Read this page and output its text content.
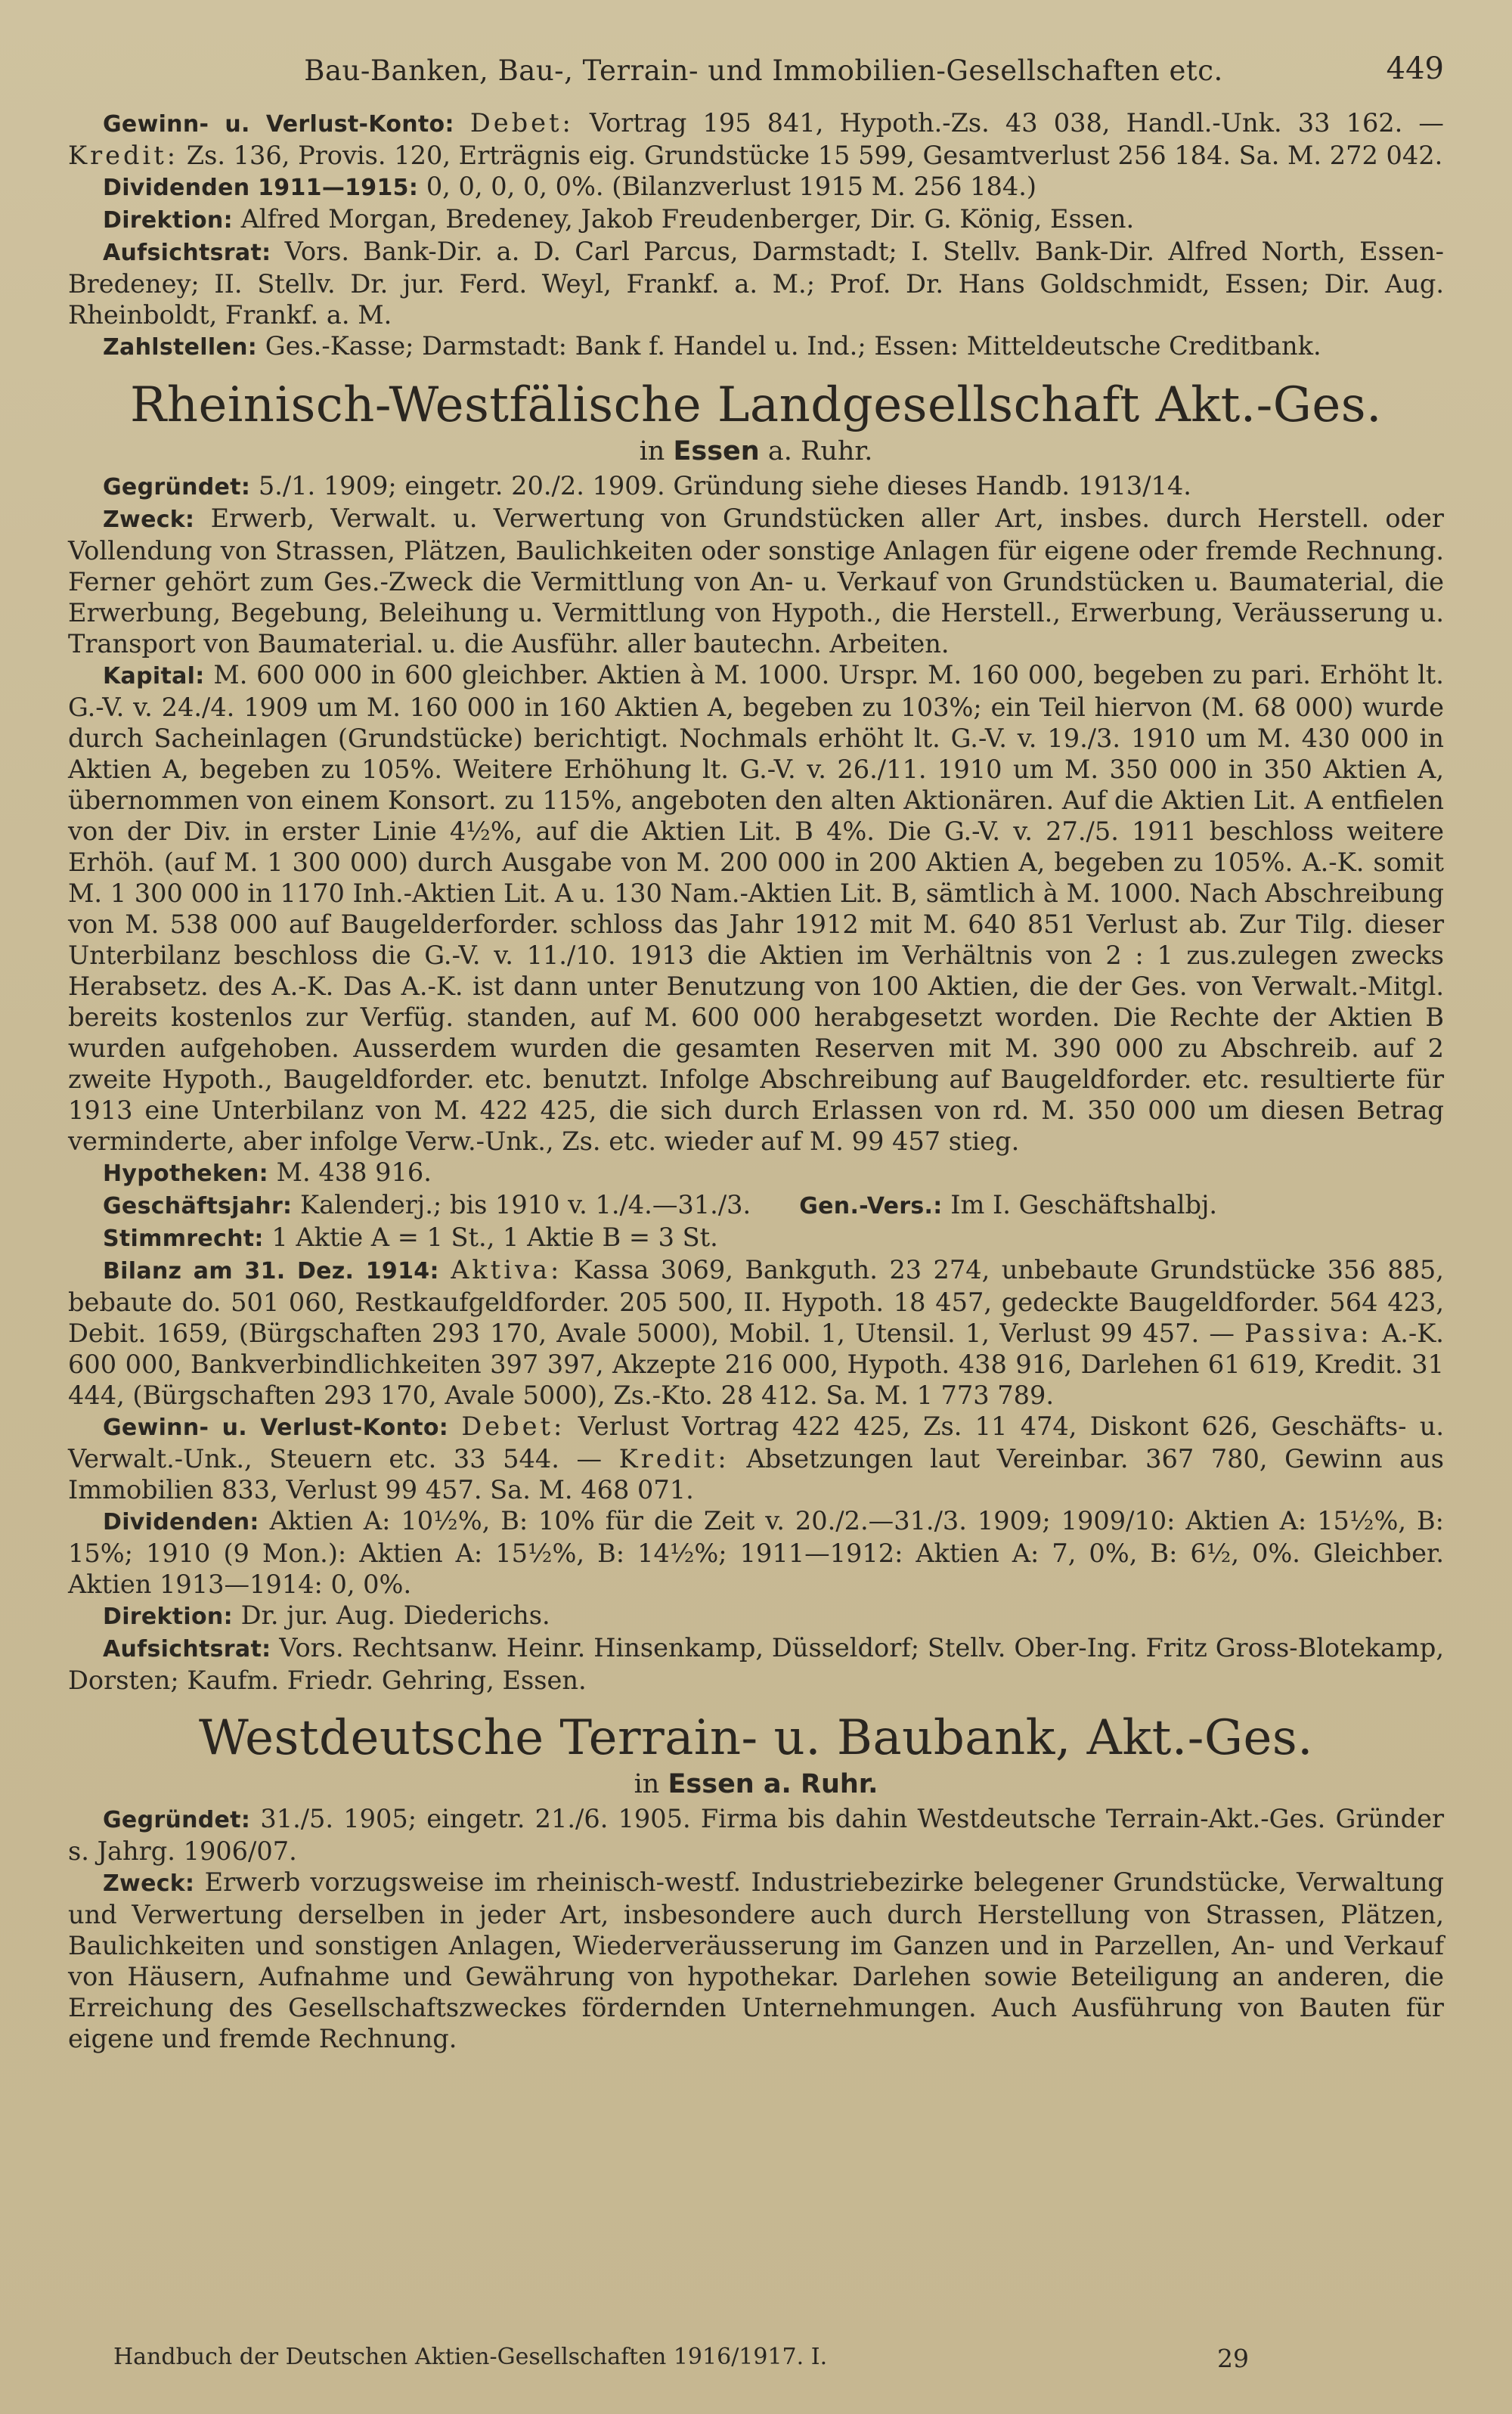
Bau-Banken, Bau-, Terrain- und Immobilien-Gesellschaften etc.	449

Gewinn- u. Verlust-Konto: Debet: Vortrag 195 841, Hypoth.-Zs. 43 038, Handl.-Unk. 33 162. — Kredit: Zs. 136, Provis. 120, Erträgnis eig. Grundstücke 15 599, Gesamtverlust 256 184. Sa. M. 272 042.

Dividenden 1911—1915: 0, 0, 0, 0, 0%. (Bilanzverlust 1915 M. 256 184.)

Direktion: Alfred Morgan, Bredeney, Jakob Freudenberger, Dir. G. König, Essen.

Aufsichtsrat: Vors. Bank-Dir. a. D. Carl Parcus, Darmstadt; I. Stellv. Bank-Dir. Alfred North, Essen-Bredeney; II. Stellv. Dr. jur. Ferd. Weyl, Frankf. a. M.; Prof. Dr. Hans Goldschmidt, Essen; Dir. Aug. Rheinboldt, Frankf. a. M.

Zahlstellen: Ges.-Kasse; Darmstadt: Bank f. Handel u. Ind.; Essen: Mitteldeutsche Creditbank.

Rheinisch-Westfälische Landgesellschaft Akt.-Ges.
in Essen a. Ruhr.

Gegründet: 5./1. 1909; eingetr. 20./2. 1909. Gründung siehe dieses Handb. 1913/14.

Zweck: Erwerb, Verwalt. u. Verwertung von Grundstücken aller Art, insbes. durch Herstell. oder Vollendung von Strassen, Plätzen, Baulichkeiten oder sonstige Anlagen für eigene oder fremde Rechnung. Ferner gehört zum Ges.-Zweck die Vermittlung von An- u. Verkauf von Grundstücken u. Baumaterial, die Erwerbung, Begebung, Beleihung u. Vermittlung von Hypoth., die Herstell., Erwerbung, Veräusserung u. Transport von Baumaterial. u. die Ausführ. aller bautechn. Arbeiten.

Kapital: M. 600 000 in 600 gleichber. Aktien à M. 1000. Urspr. M. 160 000, begeben zu pari. Erhöht lt. G.-V. v. 24./4. 1909 um M. 160 000 in 160 Aktien A, begeben zu 103%; ein Teil hiervon (M. 68 000) wurde durch Sacheinlagen (Grundstücke) berichtigt. Nochmals erhöht lt. G.-V. v. 19./3. 1910 um M. 430 000 in Aktien A, begeben zu 105%. Weitere Erhöhung lt. G.-V. v. 26./11. 1910 um M. 350 000 in 350 Aktien A, übernommen von einem Konsort. zu 115%, angeboten den alten Aktionären. Auf die Aktien Lit. A entfielen von der Div. in erster Linie 4½%, auf die Aktien Lit. B 4%. Die G.-V. v. 27./5. 1911 beschloss weitere Erhöh. (auf M. 1 300 000) durch Ausgabe von M. 200 000 in 200 Aktien A, begeben zu 105%. A.-K. somit M. 1 300 000 in 1170 Inh.-Aktien Lit. A u. 130 Nam.-Aktien Lit. B, sämtlich à M. 1000. Nach Abschreibung von M. 538 000 auf Baugelderforder. schloss das Jahr 1912 mit M. 640 851 Verlust ab. Zur Tilg. dieser Unterbilanz beschloss die G.-V. v. 11./10. 1913 die Aktien im Verhältnis von 2 : 1 zus.zulegen zwecks Herabsetz. des A.-K. Das A.-K. ist dann unter Benutzung von 100 Aktien, die der Ges. von Verwalt.-Mitgl. bereits kostenlos zur Verfüg. standen, auf M. 600 000 herabgesetzt worden. Die Rechte der Aktien B wurden aufgehoben. Ausserdem wurden die gesamten Reserven mit M. 390 000 zu Abschreib. auf 2 zweite Hypoth., Baugeldforder. etc. benutzt. Infolge Abschreibung auf Baugeldforder. etc. resultierte für 1913 eine Unterbilanz von M. 422 425, die sich durch Erlassen von rd. M. 350 000 um diesen Betrag verminderte, aber infolge Verw.-Unk., Zs. etc. wieder auf M. 99 457 stieg.

Hypotheken: M. 438 916.

Geschäftsjahr: Kalenderj.; bis 1910 v. 1./4.—31./3. Gen.-Vers.: Im I. Geschäftshalbj.

Stimmrecht: 1 Aktie A = 1 St., 1 Aktie B = 3 St.

Bilanz am 31. Dez. 1914: Aktiva: Kassa 3069, Bankguth. 23 274, unbebaute Grundstücke 356 885, bebaute do. 501 060, Restkaufgeldforder. 205 500, II. Hypoth. 18 457, gedeckte Baugeldforder. 564 423, Debit. 1659, (Bürgschaften 293 170, Avale 5000), Mobil. 1, Utensil. 1, Verlust 99 457. — Passiva: A.-K. 600 000, Bankverbindlichkeiten 397 397, Akzepte 216 000, Hypoth. 438 916, Darlehen 61 619, Kredit. 31 444, (Bürgschaften 293 170, Avale 5000), Zs.-Kto. 28 412. Sa. M. 1 773 789.

Gewinn- u. Verlust-Konto: Debet: Verlust Vortrag 422 425, Zs. 11 474, Diskont 626, Geschäfts- u. Verwalt.-Unk., Steuern etc. 33 544. — Kredit: Absetzungen laut Vereinbar. 367 780, Gewinn aus Immobilien 833, Verlust 99 457. Sa. M. 468 071.

Dividenden: Aktien A: 10½%, B: 10% für die Zeit v. 20./2.—31./3. 1909; 1909/10: Aktien A: 15½%, B: 15%; 1910 (9 Mon.): Aktien A: 15½%, B: 14½%; 1911—1912: Aktien A: 7, 0%, B: 6½, 0%. Gleichber. Aktien 1913—1914: 0, 0%.

Direktion: Dr. jur. Aug. Diederichs.

Aufsichtsrat: Vors. Rechtsanw. Heinr. Hinsenkamp, Düsseldorf; Stellv. Ober-Ing. Fritz Gross-Blotekamp, Dorsten; Kaufm. Friedr. Gehring, Essen.

Westdeutsche Terrain- u. Baubank, Akt.-Ges.
in Essen a. Ruhr.

Gegründet: 31./5. 1905; eingetr. 21./6. 1905. Firma bis dahin Westdeutsche Terrain-Akt.-Ges. Gründer s. Jahrg. 1906/07.

Zweck: Erwerb vorzugsweise im rheinisch-westf. Industriebezirke belegener Grundstücke, Verwaltung und Verwertung derselben in jeder Art, insbesondere auch durch Herstellung von Strassen, Plätzen, Baulichkeiten und sonstigen Anlagen, Wiederveräusserung im Ganzen und in Parzellen, An- und Verkauf von Häusern, Aufnahme und Gewährung von hypothekar. Darlehen sowie Beteiligung an anderen, die Erreichung des Gesellschaftszweckes fördernden Unternehmungen. Auch Ausführung von Bauten für eigene und fremde Rechnung.

Handbuch der Deutschen Aktien-Gesellschaften 1916/1917. I.	29
